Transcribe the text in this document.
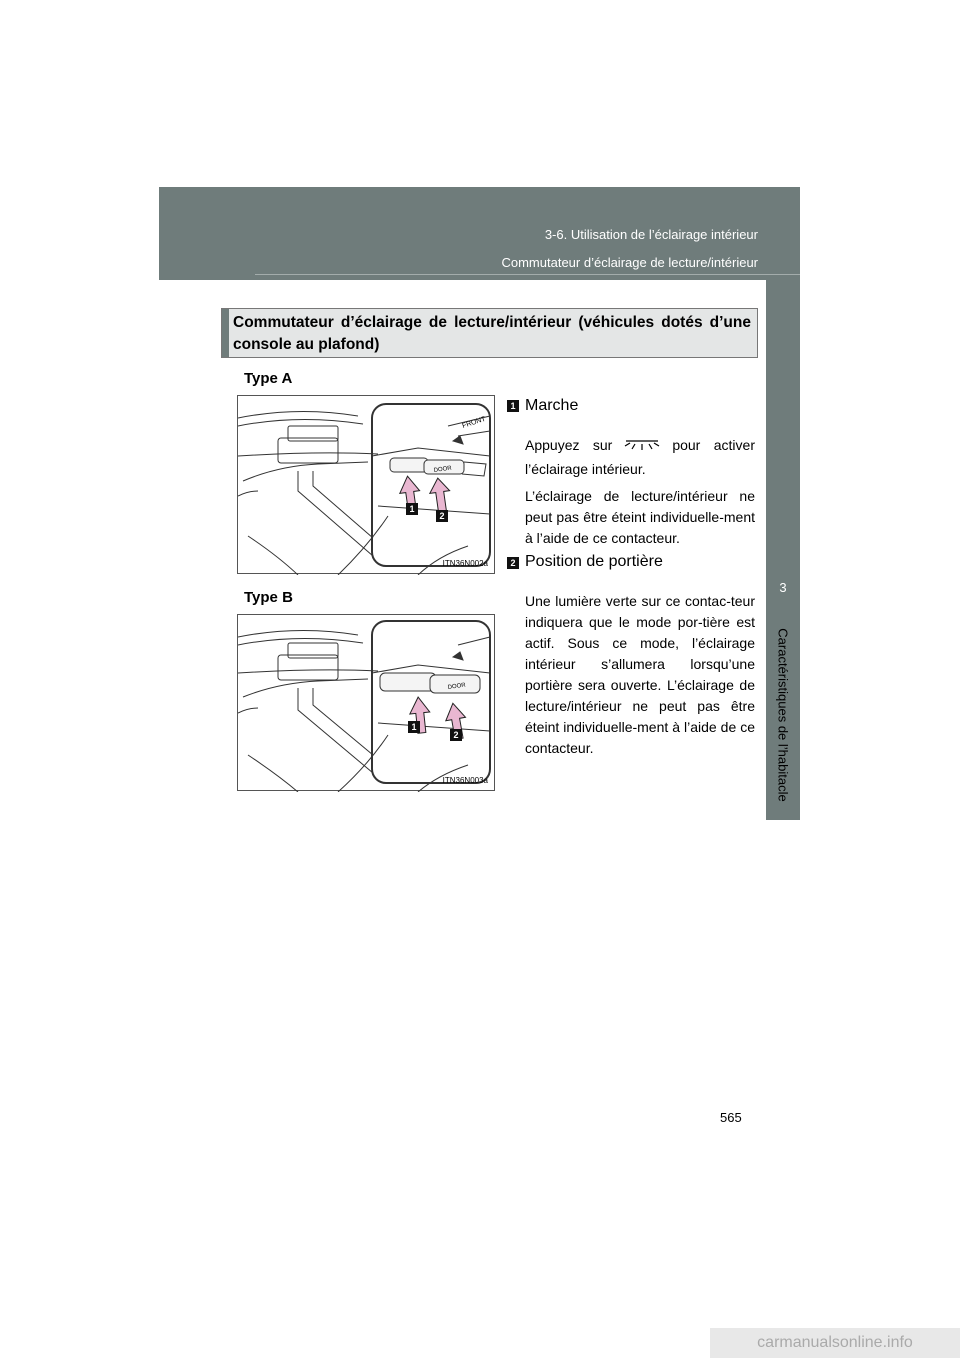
3-6. Utilisation de l’éclairage intérieur
Commutateur d’éclairage de lecture/intérieur
3
Caractéristiques de l’habitacle
Commutateur d’éclairage de lecture/intérieur (véhicules dotés d’une console au plafond)
Type A
FRONT
DOOR
1
2
ITN36N002a
Type B
DOOR
1
2
ITN36N003a
1 Marche

Appuyez sur	pour activer l’éclairage intérieur.

L’éclairage de lecture/intérieur ne peut pas être éteint individuelle-ment à l’aide de ce contacteur.

2 Position de portière

Une lumière verte sur ce contac-teur indiquera que le mode por-tière est actif. Sous ce mode, l’éclairage intérieur s’allumera lorsqu’une portière sera ouverte. L’éclairage de lecture/intérieur ne peut pas être éteint individuelle-ment à l’aide de ce contacteur.

565
carmanualsonline.info
